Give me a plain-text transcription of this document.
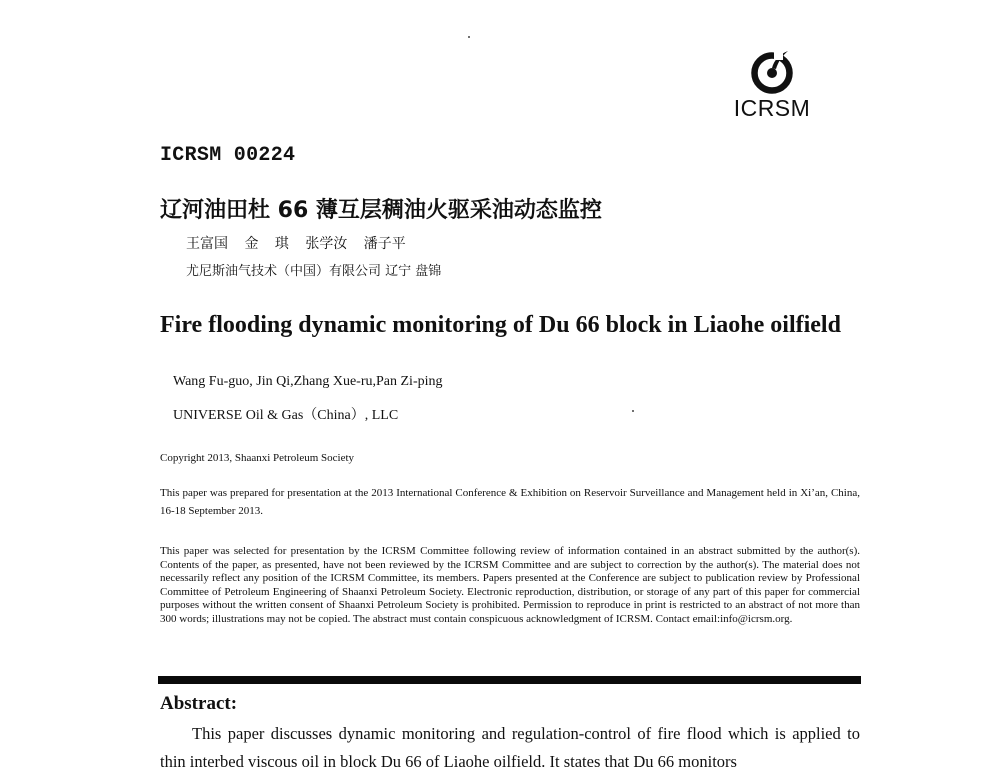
ICRSM
ICRSM 00224
辽河油田杜 66 薄互层稠油火驱采油动态监控
王富国 金 琪 张学汝 潘子平
尤尼斯油气技术（中国）有限公司 辽宁 盘锦
Fire flooding dynamic monitoring of Du 66 block in Liaohe oilfield
Wang Fu-guo, Jin Qi,Zhang Xue-ru,Pan Zi-ping
UNIVERSE Oil & Gas（China）, LLC
Copyright 2013, Shaanxi Petroleum Society
This paper was prepared for presentation at the 2013 International Conference & Exhibition on Reservoir Surveillance and Management held in Xi’an, China, 16-18 September 2013.
This paper was selected for presentation by the ICRSM Committee following review of information contained in an abstract submitted by the author(s). Contents of the paper, as presented, have not been reviewed by the ICRSM Committee and are subject to correction by the author(s). The material does not necessarily reflect any position of the ICRSM Committee, its members. Papers presented at the Conference are subject to publication review by Professional Committee of Petroleum Engineering of Shaanxi Petroleum Society. Electronic reproduction, distribution, or storage of any part of this paper for commercial purposes without the written consent of Shaanxi Petroleum Society is prohibited. Permission to reproduce in print is restricted to an abstract of not more than 300 words; illustrations may not be copied. The abstract must contain conspicuous acknowledgment of ICRSM. Contact email:info@icrsm.org.
Abstract:
This paper discusses dynamic monitoring and regulation-control of fire flood which is applied to thin interbed viscous oil in block Du 66 of Liaohe oilfield. It states that Du 66 monitors
